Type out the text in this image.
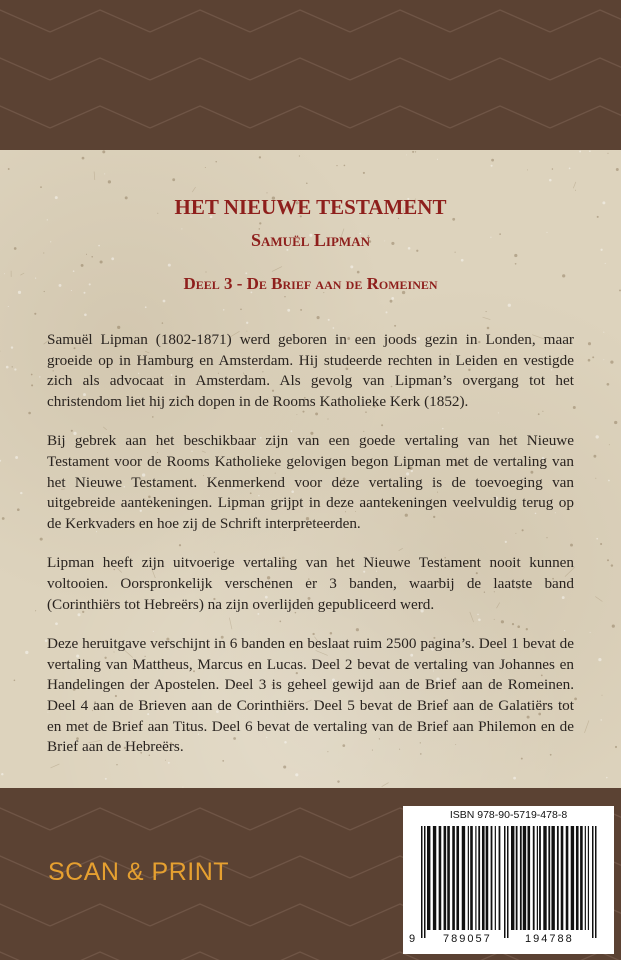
HET NIEUWE TESTAMENT
Samuël Lipman
Deel 3 - De Brief aan de Romeinen

Samuël Lipman (1802-1871) werd geboren in een joods gezin in Londen, maar groeide op in Hamburg en Amsterdam. Hij studeerde rechten in Leiden en vestigde zich als advocaat in Amsterdam. Als gevolg van Lipman’s overgang tot het christendom liet hij zich dopen in de Rooms Katholieke Kerk (1852).

Bij gebrek aan het beschikbaar zijn van een goede vertaling van het Nieuwe Testament voor de Rooms Katholieke gelovigen begon Lipman met de vertaling van het Nieuwe Testament. Kenmerkend voor deze vertaling is de toevoeging van uitgebreide aantekeningen. Lipman grijpt in deze aantekeningen veelvuldig terug op de Kerkvaders en hoe zij de Schrift interpreteerden.

Lipman heeft zijn uitvoerige vertaling van het Nieuwe Testament nooit kunnen voltooien. Oorspronkelijk verschenen er 3 banden, waarbij de laatste band (Corinthiërs tot Hebreërs) na zijn overlijden gepubliceerd werd.

Deze heruitgave verschijnt in 6 banden en beslaat ruim 2500 pagina’s. Deel 1 bevat de vertaling van Mattheus, Marcus en Lucas. Deel 2 bevat de vertaling van Johannes en Handelingen der Apostelen. Deel 3 is geheel gewijd aan de Brief aan de Romeinen. Deel 4 aan de Brieven aan de Corinthiërs. Deel 5 bevat de Brief aan de Galatiërs tot en met de Brief aan Titus. Deel 6 bevat de vertaling van de Brief aan Philemon en de Brief aan de Hebreërs.

SCAN & PRINT
ISBN 978-90-5719-478-8
9	789057	194788
